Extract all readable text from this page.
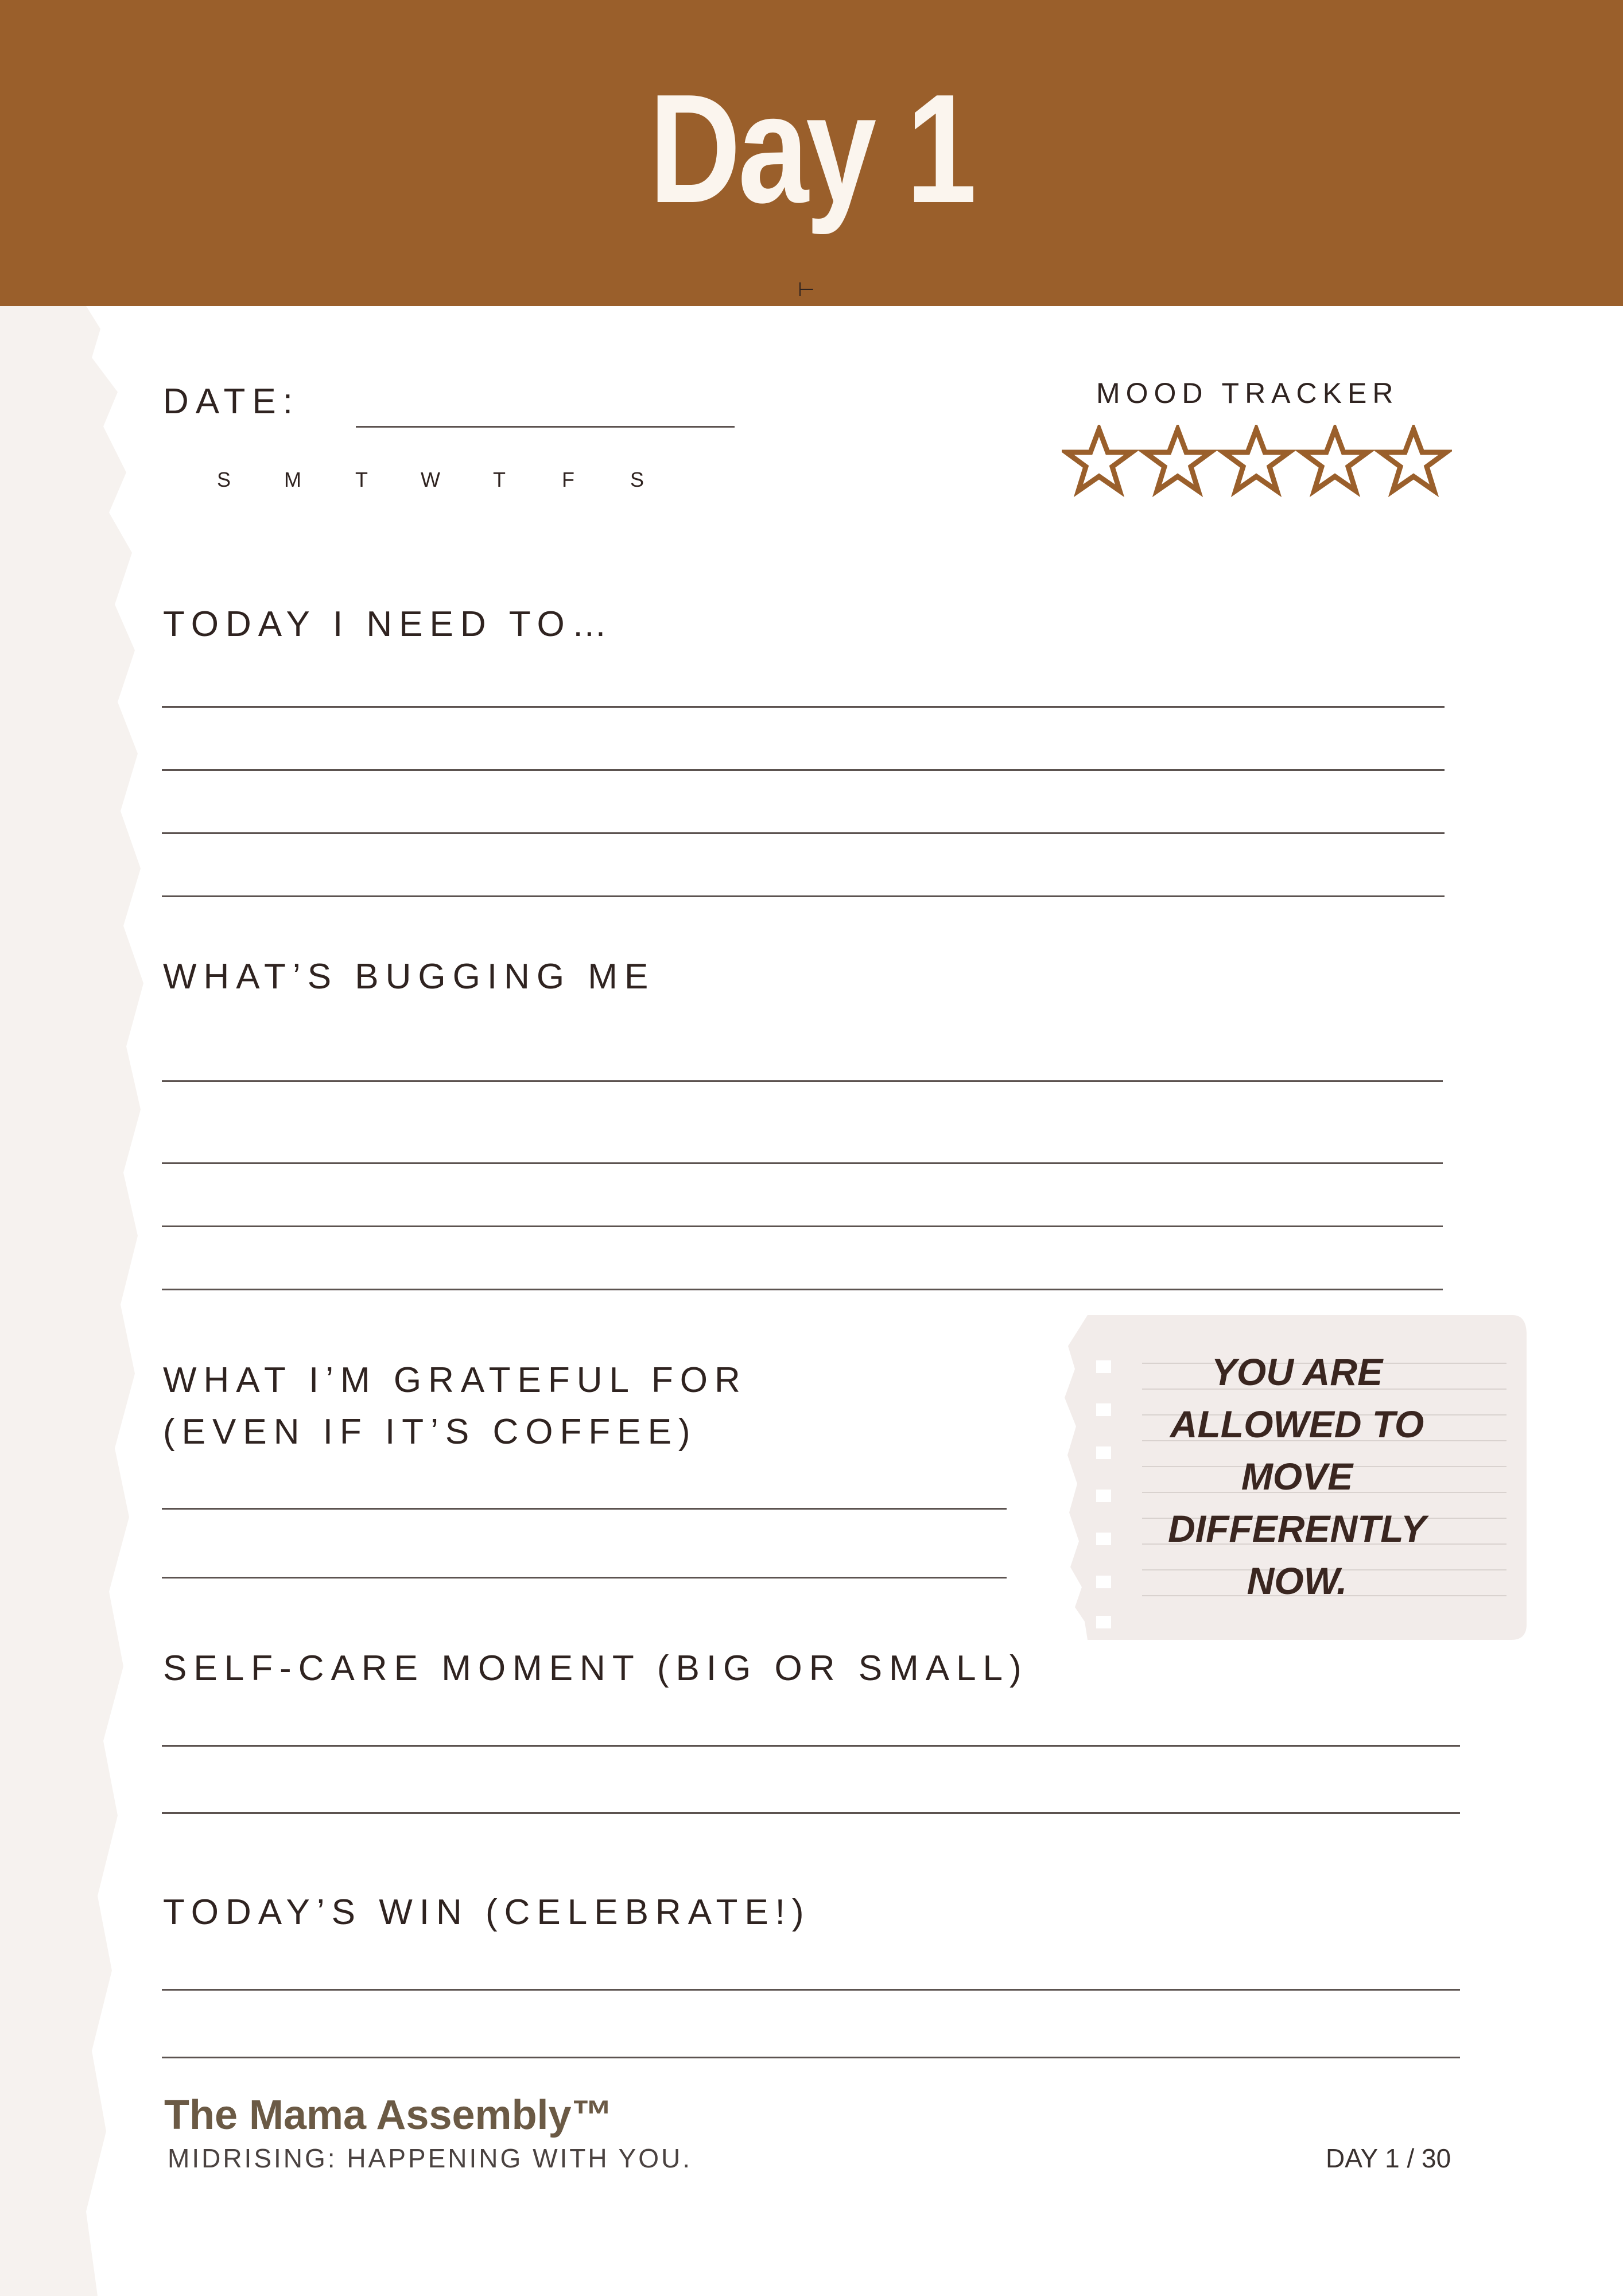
Day 1
⊢
DATE:
S M	T W T	F	S
MOOD TRACKER
TODAY I NEED TO…
WHAT’S BUGGING ME
WHAT I’M GRATEFUL FOR
(EVEN IF IT’S COFFEE)
YOU ARE
ALLOWED TO
MOVE
DIFFERENTLY
NOW.
SELF-CARE MOMENT (BIG OR SMALL)
TODAY’S WIN (CELEBRATE!)
The Mama Assembly™
MIDRISING: HAPPENING WITH YOU.	DAY 1 / 30
